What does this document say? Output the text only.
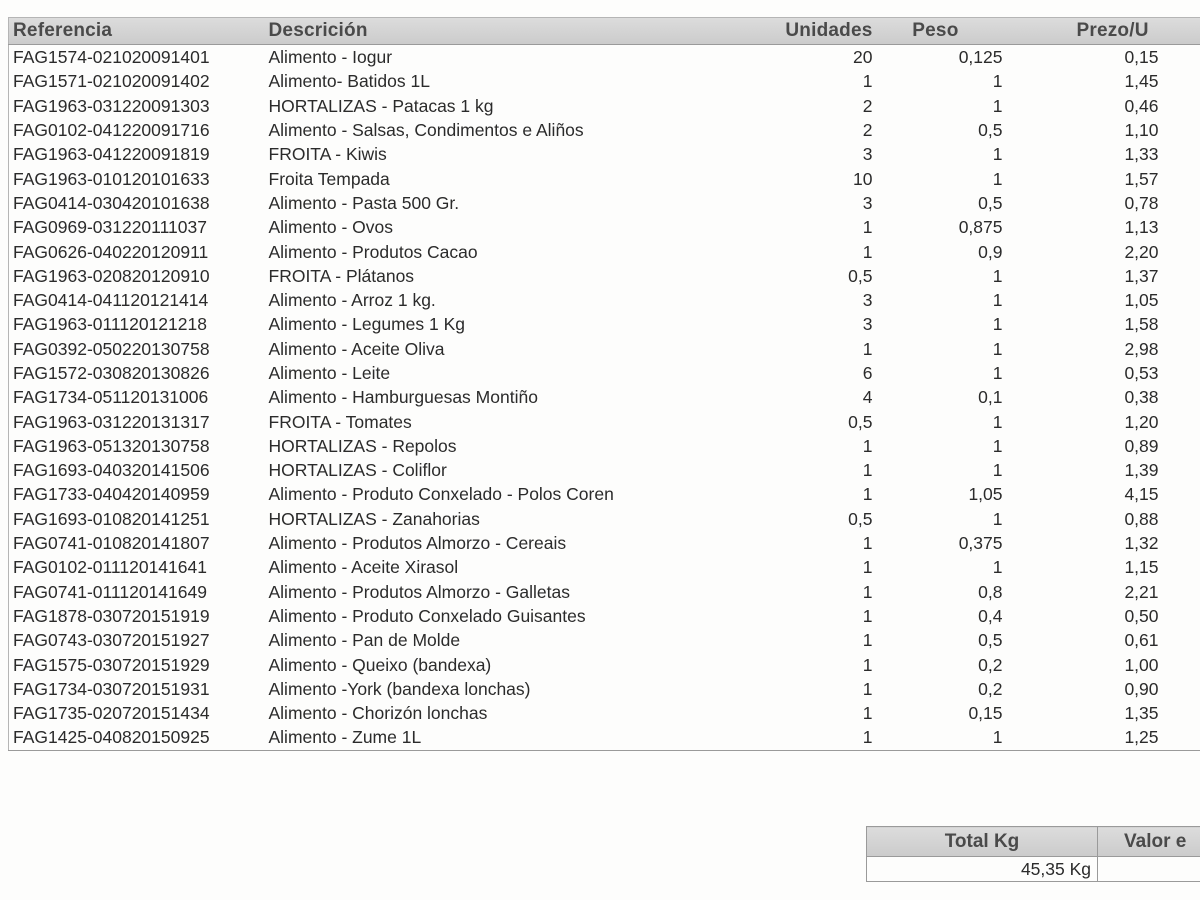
Referencia	Descrición	Unidades	Peso	Prezo/U
FAG1574-021020091401	Alimento - Iogur	20	0,125	0,15
FAG1571-021020091402	Alimento- Batidos 1L	1	1	1,45
FAG1963-031220091303	HORTALIZAS - Patacas 1 kg	2	1	0,46
FAG0102-041220091716	Alimento - Salsas, Condimentos e Aliños	2	0,5	1,10
FAG1963-041220091819	FROITA - Kiwis	3	1	1,33
FAG1963-010120101633	Froita Tempada	10	1	1,57
FAG0414-030420101638	Alimento - Pasta 500 Gr.	3	0,5	0,78
FAG0969-031220111037	Alimento - Ovos	1	0,875	1,13
FAG0626-040220120911	Alimento - Produtos Cacao	1	0,9	2,20
FAG1963-020820120910	FROITA - Plátanos	0,5	1	1,37
FAG0414-041120121414	Alimento - Arroz 1 kg.	3	1	1,05
FAG1963-011120121218	Alimento - Legumes 1 Kg	3	1	1,58
FAG0392-050220130758	Alimento - Aceite Oliva	1	1	2,98
FAG1572-030820130826	Alimento - Leite	6	1	0,53
FAG1734-051120131006	Alimento - Hamburguesas Montiño	4	0,1	0,38
FAG1963-031220131317	FROITA - Tomates	0,5	1	1,20
FAG1963-051320130758	HORTALIZAS - Repolos	1	1	0,89
FAG1693-040320141506	HORTALIZAS - Coliflor	1	1	1,39
FAG1733-040420140959	Alimento - Produto Conxelado - Polos Coren	1	1,05	4,15
FAG1693-010820141251	HORTALIZAS - Zanahorias	0,5	1	0,88
FAG0741-010820141807	Alimento - Produtos Almorzo - Cereais	1	0,375	1,32
FAG0102-011120141641	Alimento - Aceite Xirasol	1	1	1,15
FAG0741-011120141649	Alimento - Produtos Almorzo - Galletas	1	0,8	2,21
FAG1878-030720151919	Alimento - Produto Conxelado Guisantes	1	0,4	0,50
FAG0743-030720151927	Alimento - Pan de Molde	1	0,5	0,61
FAG1575-030720151929	Alimento - Queixo (bandexa)	1	0,2	1,00
FAG1734-030720151931	Alimento -York (bandexa lonchas)	1	0,2	0,90
FAG1735-020720151434	Alimento - Chorizón lonchas	1	0,15	1,35
FAG1425-040820150925	Alimento - Zume 1L	1	1	1,25
Total Kg	Valor e
45,35 Kg	
